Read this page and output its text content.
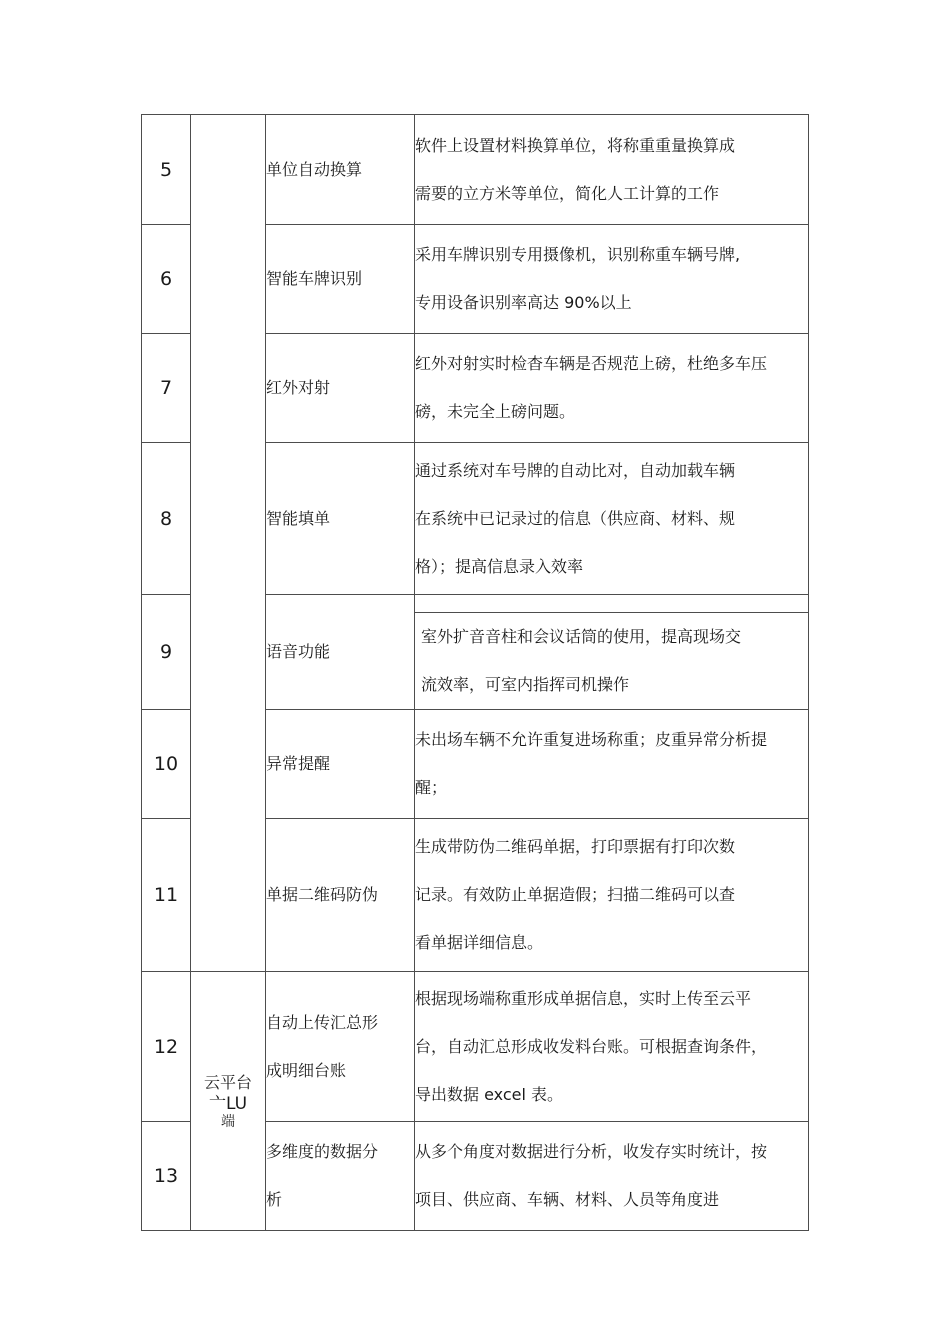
5		单位自动换算	软件上设置材料换算单位，将称重重量换算成
需要的立方米等单位，简化人工计算的工作

6		智能车牌识别	采用车牌识别专用摄像机，识别称重车辆号牌,
专用设备识别率高达 90%以上

7		红外对射	红外对射实时检杳车辆是否规范上磅，杜绝多车压
磅，未完全上磅问题。

8		智能填单	通过系统对车号牌的自动比对，自动加载车辆
在系统中已记录过的信息（供应商、材料、规
格）；提高信息录入效率

9		语音功能	室外扩音音柱和会议话筒的使用，提高现场交
流效率，可室内指挥司机操作

10		异常提醒	未出场车辆不允许重复进场称重；皮重异常分析提
醒；

11		单据二维码防伪	生成带防伪二维码单据，打印票据有打印次数
记录。有效防止单据造假；扫描二维码可以查
看单据详细信息。

12	云平台
亠LU
端	自动上传汇总形
成明细台账	根据现场端称重形成单据信息，实时上传至云平
台，自动汇总形成收发料台账。可根据查询条件，
导出数据 excel 表。

13		多维度的数据分
析	从多个角度对数据进行分析，收发存实时统计，按
项目、供应商、车辆、材料、人员等角度进
